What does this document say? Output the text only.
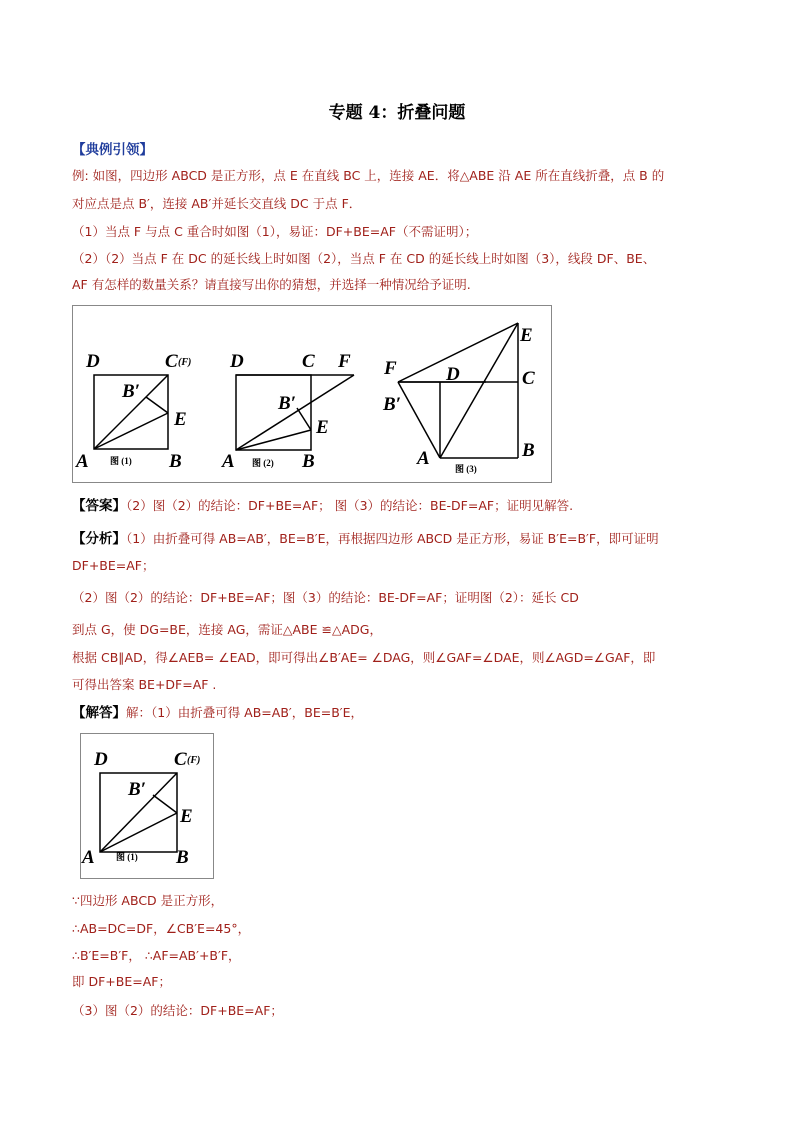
专题 4：折叠问题
【典例引领】
例: 如图，四边形 ABCD 是正方形，点 E 在直线 BC 上，连接 AE．将△ABE 沿 AE 所在直线折叠，点 B 的
对应点是点 B′，连接 AB′并延长交直线 DC 于点 F．
（1）当点 F 与点 C 重合时如图（1），易证：DF+BE=AF（不需证明）；
（2）（2）当点 F 在 DC 的延长线上时如图（2），当点 F 在 CD 的延长线上时如图（3），线段 DF、BE、
AF 有怎样的数量关系？请直接写出你的猜想，并选择一种情况给予证明.
D	C (F)
B′
E
A	B
图 (1)
D	C F
B′
E
A	B
图 (2)
F	D	C
E
B′
A	B
图 (3)
【答案】（2）图（2）的结论：DF+BE=AF； 图（3）的结论：BE-DF=AF；证明见解答.
【分析】（1）由折叠可得 AB=AB′，BE=B′E，再根据四边形 ABCD 是正方形，易证 B′E=B′F，即可证明
DF+BE=AF；
（2）图（2）的结论：DF+BE=AF；图（3）的结论：BE-DF=AF；证明图（2）：延长 CD
到点 G，使 DG=BE，连接 AG，需证△ABE ≌△ADG，
根据 CB∥AD，得∠AEB= ∠EAD，即可得出∠B′AE= ∠DAG，则∠GAF=∠DAE，则∠AGD=∠GAF，即
可得出答案 BE+DF=AF .
【解答】解：（1）由折叠可得 AB=AB′，BE=B′E，
D	C (F)
B′
E
A	B
图 (1)
∵四边形 ABCD 是正方形，
∴AB=DC=DF，∠CB′E=45°，
∴B′E=B′F， ∴AF=AB′+B′F，
即 DF+BE=AF；
（3）图（2）的结论：DF+BE=AF；
